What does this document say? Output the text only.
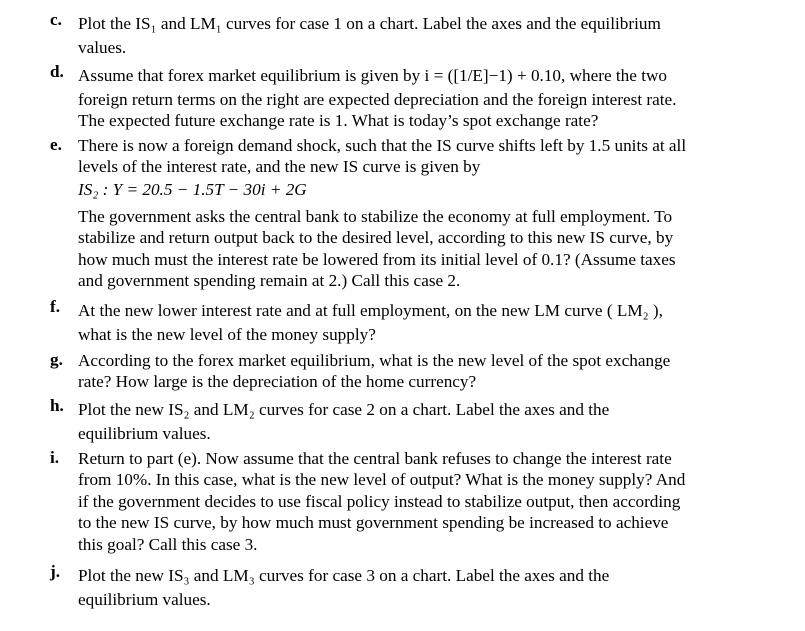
c. Plot the IS₁ and LM₁ curves for case 1 on a chart. Label the axes and the equilibrium
values.
d. Assume that forex market equilibrium is given by i = ([1/E]−1) + 0.10, where the two
foreign return terms on the right are expected depreciation and the foreign interest rate.
The expected future exchange rate is 1. What is today’s spot exchange rate?
e. There is now a foreign demand shock, such that the IS curve shifts left by 1.5 units at all
levels of the interest rate, and the new IS curve is given by
IS₂ : Y = 20.5 − 1.5T − 30i + 2G
The government asks the central bank to stabilize the economy at full employment. To
stabilize and return output back to the desired level, according to this new IS curve, by
how much must the interest rate be lowered from its initial level of 0.1? (Assume taxes
and government spending remain at 2.) Call this case 2.
f.	At the new lower interest rate and at full employment, on the new LM curve ( LM₂ ),
what is the new level of the money supply?
g. According to the forex market equilibrium, what is the new level of the spot exchange
rate? How large is the depreciation of the home currency?
h. Plot the new IS₂ and LM₂ curves for case 2 on a chart. Label the axes and the
equilibrium values.
i.	Return to part (e). Now assume that the central bank refuses to change the interest rate
from 10%. In this case, what is the new level of output? What is the money supply? And
if the government decides to use fiscal policy instead to stabilize output, then according
to the new IS curve, by how much must government spending be increased to achieve
this goal? Call this case 3.
j.	Plot the new IS₃ and LM₃ curves for case 3 on a chart. Label the axes and the
equilibrium values.
